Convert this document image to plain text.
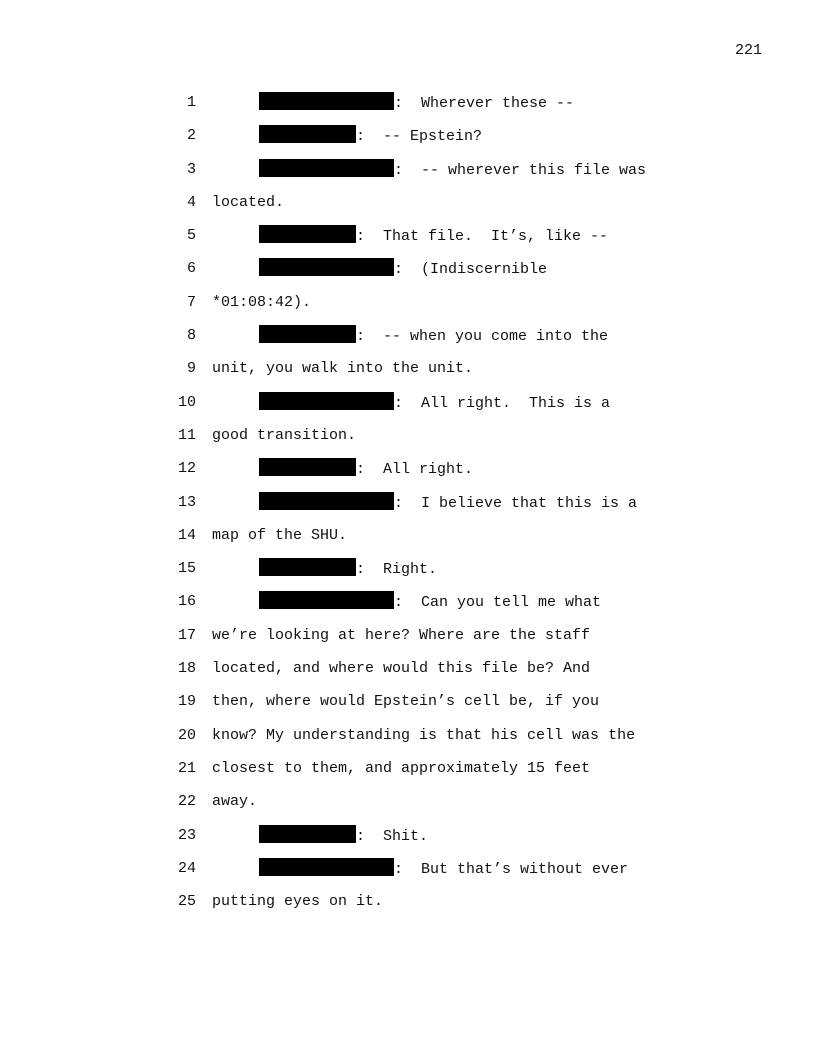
221
1	:  Wherever these --
2	:  -- Epstein?
3	:  -- wherever this file was
4 located.
5	:  That file.  It’s, like --
6	:  (Indiscernible
7 *01:08:42).
8	:  -- when you come into the
9 unit, you walk into the unit.
10	:  All right.  This is a
11 good transition.
12	:  All right.
13	:  I believe that this is a
14 map of the SHU.
15	:  Right.
16	:  Can you tell me what
17 we’re looking at here? Where are the staff
18 located, and where would this file be? And
19 then, where would Epstein’s cell be, if you
20 know? My understanding is that his cell was the
21 closest to them, and approximately 15 feet
22 away.
23	:  Shit.
24	:  But that’s without ever
25 putting eyes on it.
